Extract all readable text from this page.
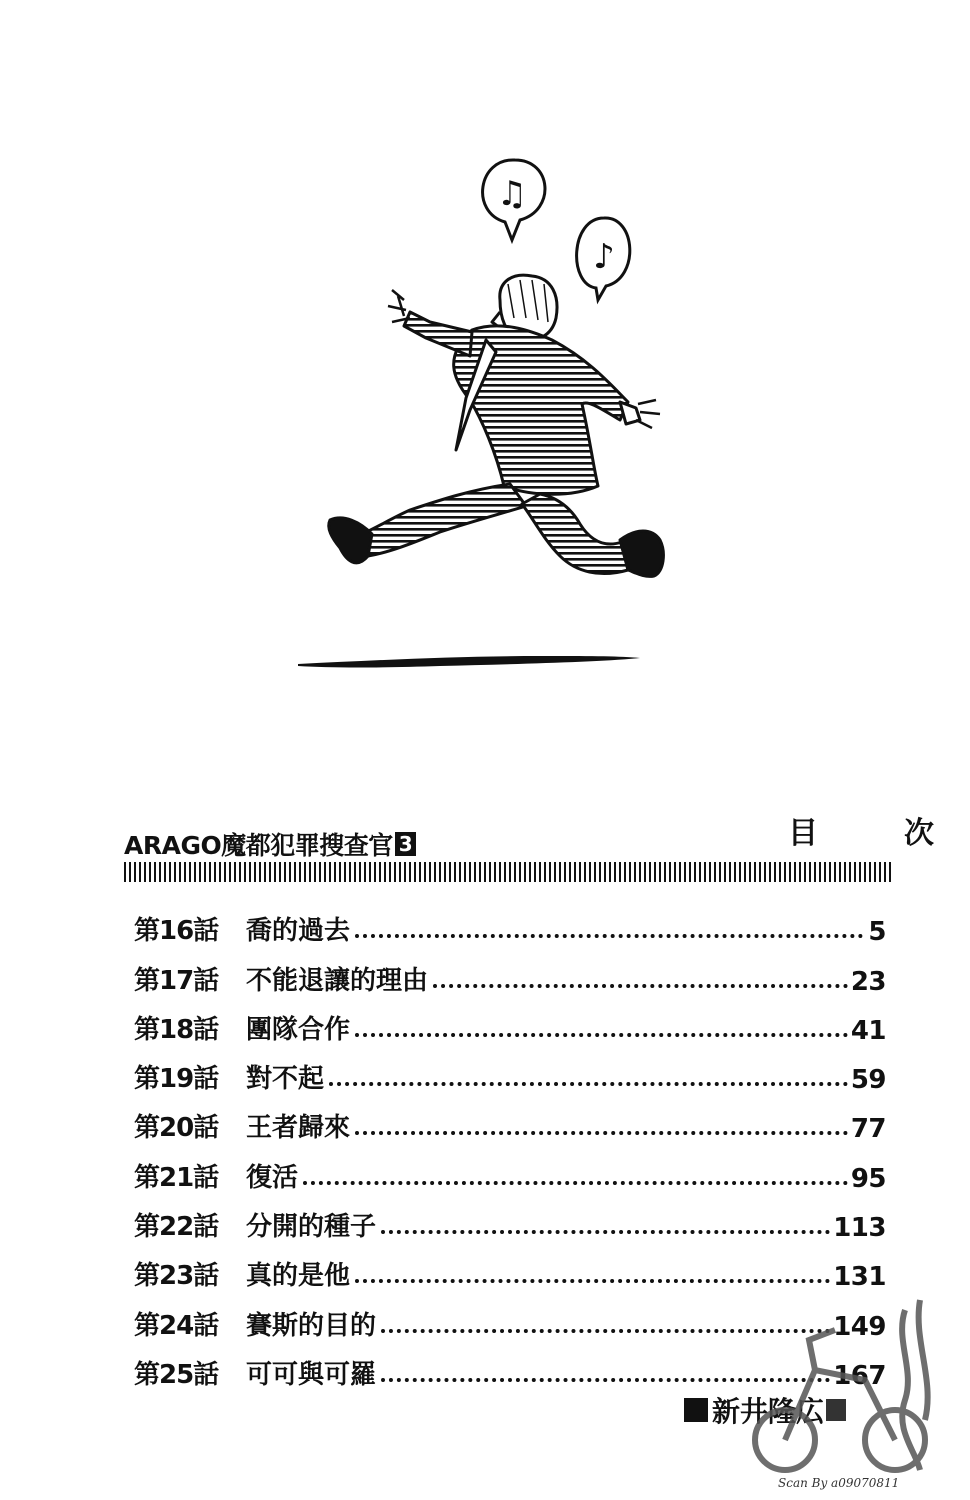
♫
♪
ARAGO魔都犯罪搜查官 3	目　次
第16話	喬的過去	5
第17話	不能退讓的理由	23
第18話	團隊合作	41
第19話	對不起	59
第20話	王者歸來	77
第21話	復活	95
第22話	分開的種子	113
第23話	真的是他	131
第24話	賽斯的目的	149
第25話	可可與可羅	167
新井隆広
Scan By a09070811
